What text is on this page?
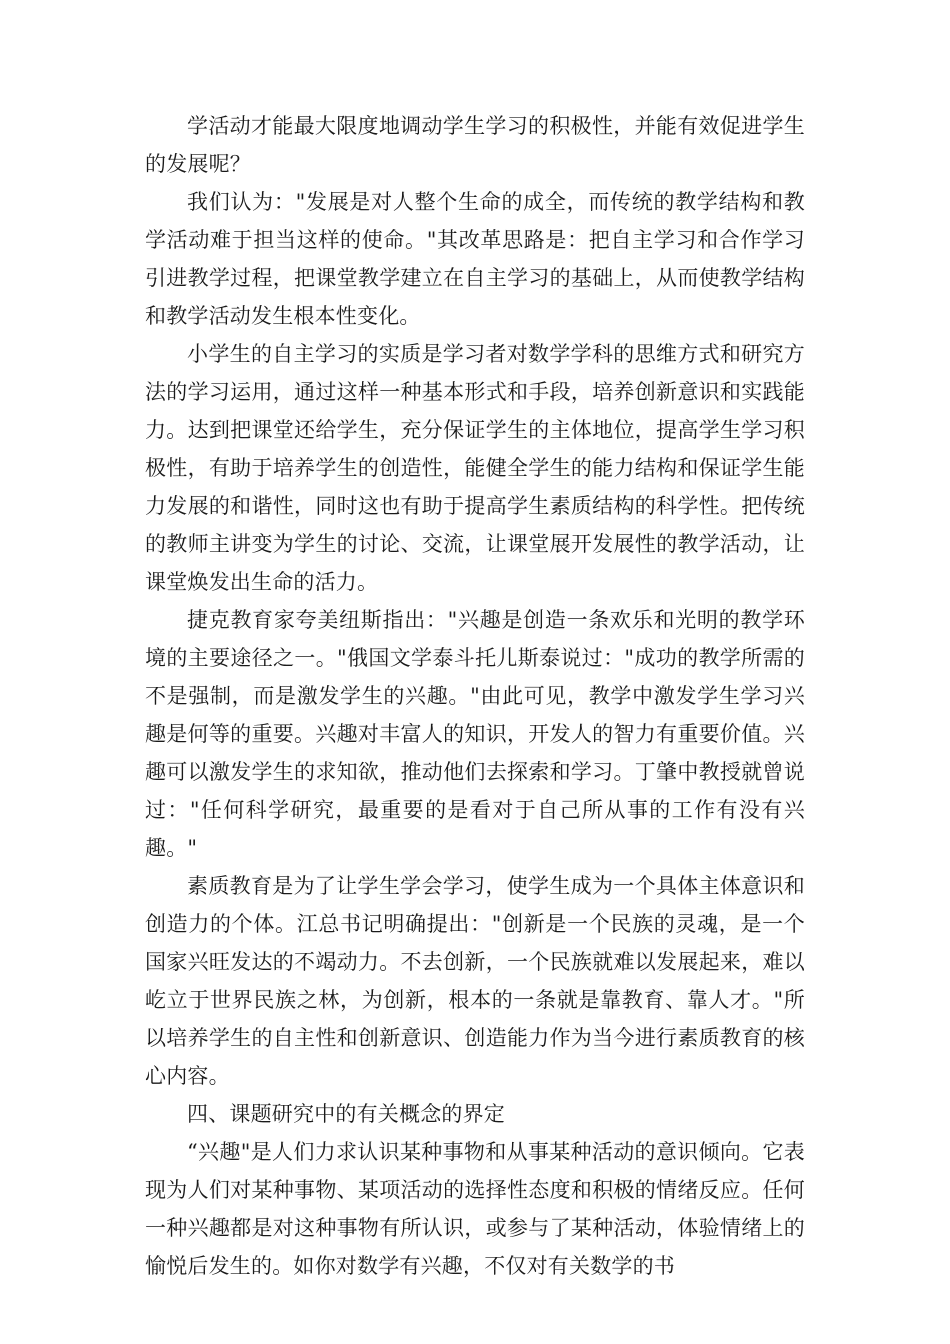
学活动才能最大限度地调动学生学习的积极性，并能有效促进学生的发展呢？

我们认为："发展是对人整个生命的成全，而传统的教学结构和教学活动难于担当这样的使命。"其改革思路是：把自主学习和合作学习引进教学过程，把课堂教学建立在自主学习的基础上，从而使教学结构和教学活动发生根本性变化。

小学生的自主学习的实质是学习者对数学学科的思维方式和研究方法的学习运用，通过这样一种基本形式和手段，培养创新意识和实践能力。达到把课堂还给学生，充分保证学生的主体地位，提高学生学习积极性，有助于培养学生的创造性，能健全学生的能力结构和保证学生能力发展的和谐性，同时这也有助于提高学生素质结构的科学性。把传统的教师主讲变为学生的讨论、交流，让课堂展开发展性的教学活动，让课堂焕发出生命的活力。

捷克教育家夸美纽斯指出："兴趣是创造一条欢乐和光明的教学环境的主要途径之一。"俄国文学泰斗托儿斯泰说过："成功的教学所需的不是强制，而是激发学生的兴趣。"由此可见，教学中激发学生学习兴趣是何等的重要。兴趣对丰富人的知识，开发人的智力有重要价值。兴趣可以激发学生的求知欲，推动他们去探索和学习。丁肇中教授就曾说过："任何科学研究，最重要的是看对于自己所从事的工作有没有兴趣。"

素质教育是为了让学生学会学习，使学生成为一个具体主体意识和创造力的个体。江总书记明确提出："创新是一个民族的灵魂，是一个国家兴旺发达的不竭动力。不去创新，一个民族就难以发展起来，难以屹立于世界民族之林，为创新，根本的一条就是靠教育、靠人才。"所以培养学生的自主性和创新意识、创造能力作为当今进行素质教育的核心内容。

四、课题研究中的有关概念的界定

“兴趣"是人们力求认识某种事物和从事某种活动的意识倾向。它表现为人们对某种事物、某项活动的选择性态度和积极的情绪反应。任何一种兴趣都是对这种事物有所认识，或参与了某种活动，体验情绪上的愉悦后发生的。如你对数学有兴趣，不仅对有关数学的书
